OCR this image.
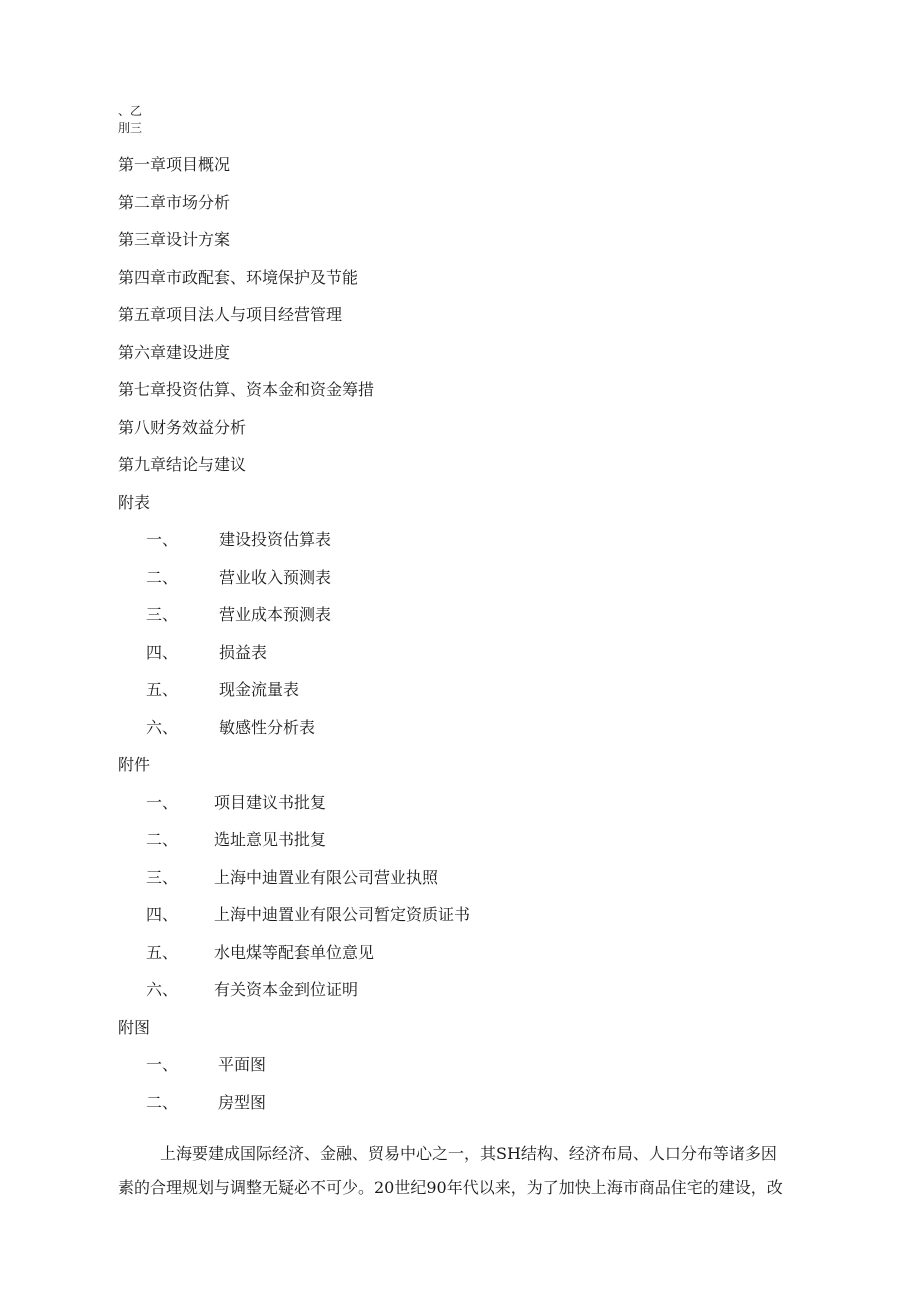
、乙
刖三
第一章项目概况
第二章市场分析
第三章设计方案
第四章市政配套、环境保护及节能
第五章项目法人与项目经营管理
第六章建设进度
第七章投资估算、资本金和资金筹措
第八财务效益分析
第九章结论与建议
附表
一、	建设投资估算表
二、	营业收入预测表
三、	营业成本预测表
四、	损益表
五、	现金流量表
六、	敏感性分析表
附件
一、 项目建议书批复
二、 选址意见书批复
三、 上海中迪置业有限公司营业执照
四、 上海中迪置业有限公司暂定资质证书
五、 水电煤等配套单位意见
六、 有关资本金到位证明
附图
一、 平面图
二、 房型图

上海要建成国际经济、金融、贸易中心之一，其SH结构、经济布局、人口分布等诸多因

素的合理规划与调整无疑必不可少。20世纪90年代以来，为了加快上海市商品住宅的建设，改
